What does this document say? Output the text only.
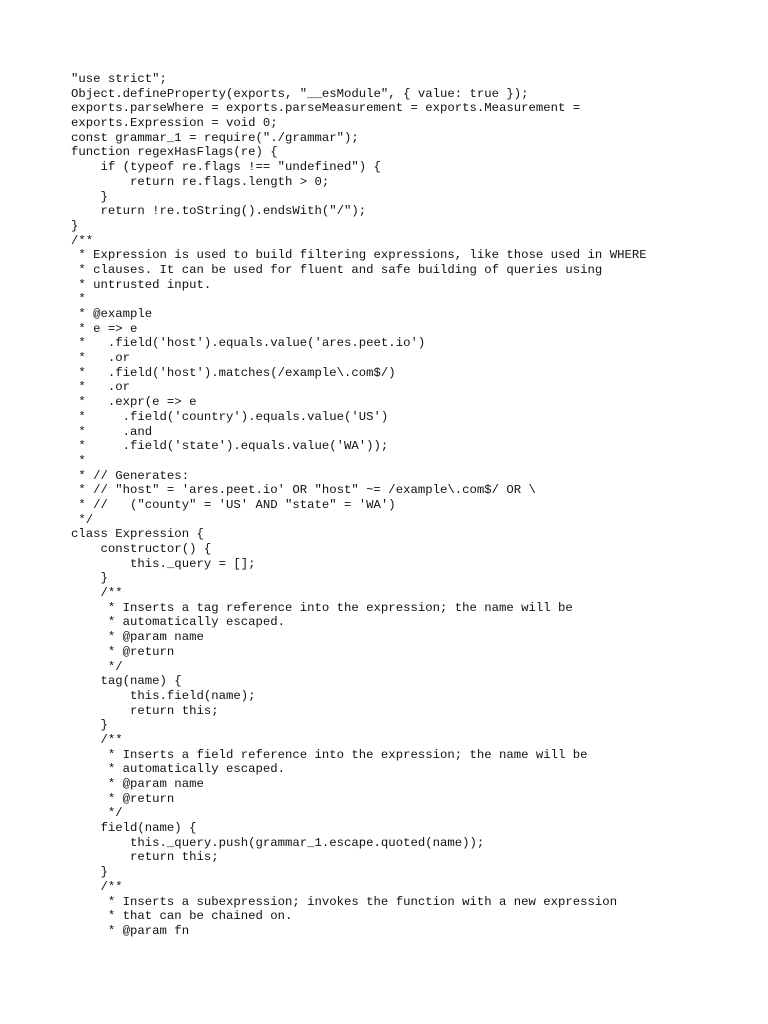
"use strict";
Object.defineProperty(exports, "__esModule", { value: true });
exports.parseWhere = exports.parseMeasurement = exports.Measurement =
exports.Expression = void 0;
const grammar_1 = require("./grammar");
function regexHasFlags(re) {
if (typeof re.flags !== "undefined") {
return re.flags.length > 0;
}
return !re.toString().endsWith("/");
}
/**
* Expression is used to build filtering expressions, like those used in WHERE
* clauses. It can be used for fluent and safe building of queries using
* untrusted input.
*
* @example
* e => e
*   .field('host').equals.value('ares.peet.io')
*   .or
*   .field('host').matches(/example\.com$/)
*   .or
*   .expr(e => e
*     .field('country').equals.value('US')
*     .and
*     .field('state').equals.value('WA'));
*
* // Generates:
* // "host" = 'ares.peet.io' OR "host" ~= /example\.com$/ OR \
* //   ("county" = 'US' AND "state" = 'WA')
*/
class Expression {
constructor() {
this._query = [];
}
/**
* Inserts a tag reference into the expression; the name will be
* automatically escaped.
* @param name
* @return
*/
tag(name) {
this.field(name);
return this;
}
/**
* Inserts a field reference into the expression; the name will be
* automatically escaped.
* @param name
* @return
*/
field(name) {
this._query.push(grammar_1.escape.quoted(name));
return this;
}
/**
* Inserts a subexpression; invokes the function with a new expression
* that can be chained on.
* @param fn
